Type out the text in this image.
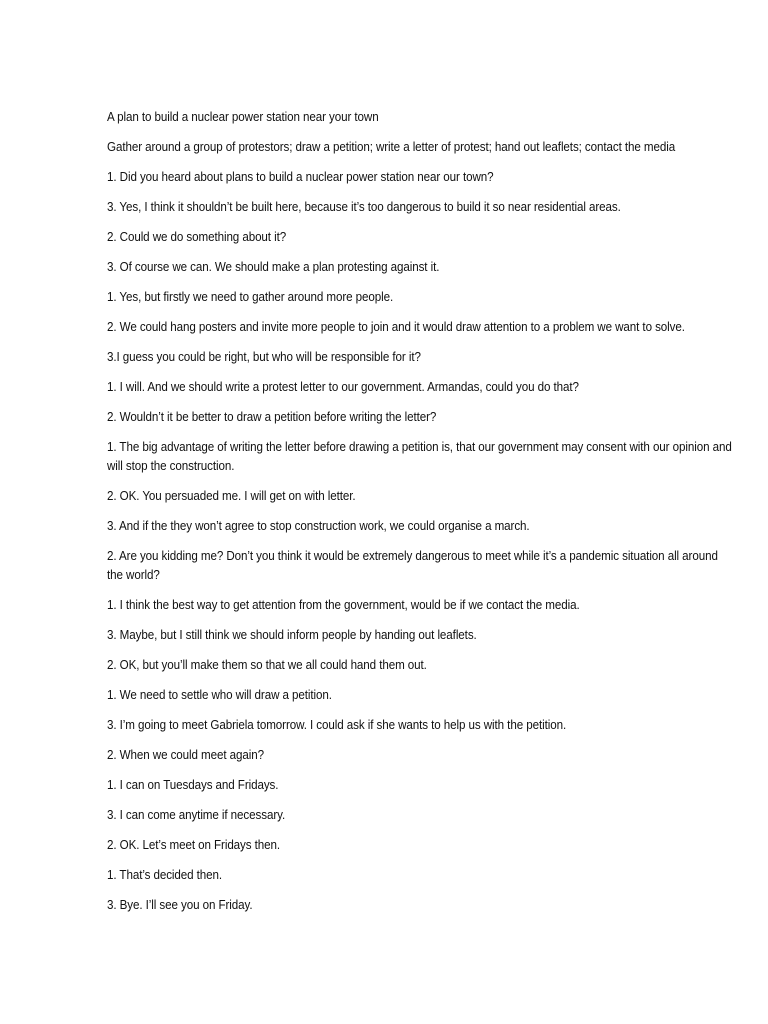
A plan to build a nuclear power station near your town

Gather around a group of protestors; draw a petition; write a letter of protest; hand out leaflets; contact the media

1. Did you heard about plans to build a nuclear power station near our town?

3. Yes, I think it shouldn’t be built here, because it’s too dangerous to build it so near residential areas.

2. Could we do something about it?

3. Of course we can. We should make a plan protesting against it.

1. Yes, but firstly we need to gather around more people.

2. We could hang posters and invite more people to join and it would draw attention to a problem we want to solve.

3.I guess you could be right, but who will be responsible for it?

1. I will. And we should write a protest letter to our government. Armandas, could you do that?

2. Wouldn’t it be better to draw a petition before writing the letter?

1. The big advantage of writing the letter before drawing a petition is, that our government may consent with our opinion and will stop the construction.

2. OK. You persuaded me. I will get on with letter.

3. And if the they won’t agree to stop construction work, we could organise a march.

2. Are you kidding me? Don’t you think it would be extremely dangerous to meet while it’s a pandemic situation all around the world?

1. I think the best way to get attention from the government, would be if we contact the media.

3. Maybe, but I still think we should inform people by handing out leaflets.

2. OK, but you’ll make them so that we all could hand them out.

1. We need to settle who will draw a petition.

3. I’m going to meet Gabriela tomorrow. I could ask if she wants to help us with the petition.

2. When we could meet again?

1. I can on Tuesdays and Fridays.

3. I can come anytime if necessary.

2. OK. Let’s meet on Fridays then.

1. That’s decided then.

3. Bye. I’ll see you on Friday.
